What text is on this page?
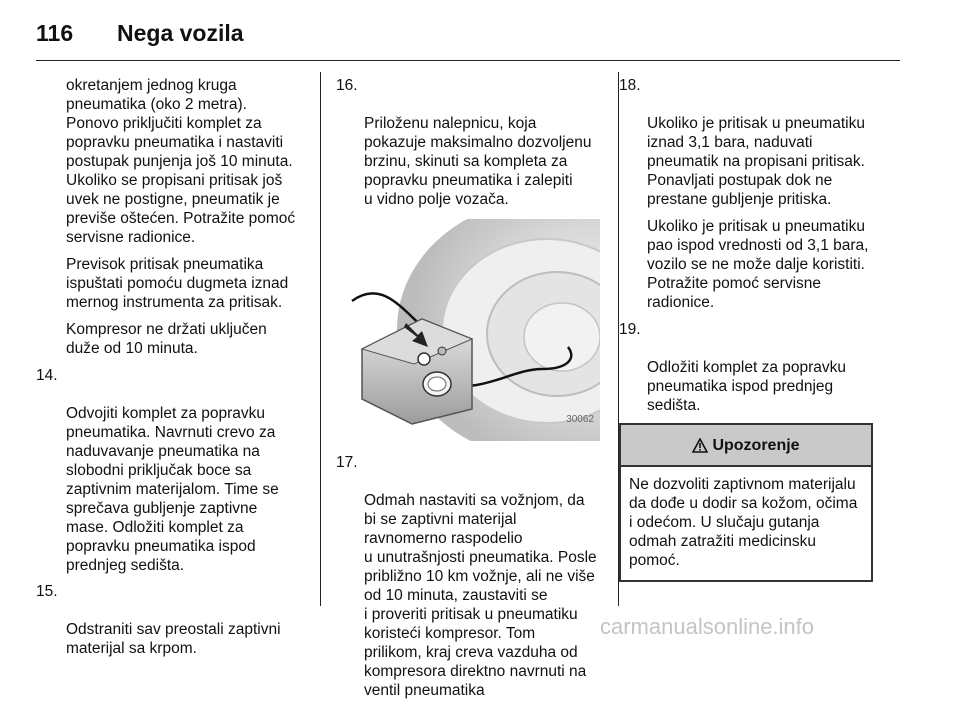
116 Nega vozila

okretanjem jednog kruga
pneumatika (oko 2 metra).
Ponovo priključiti komplet za
popravku pneumatika i nastaviti
postupak punjenja još 10 minuta.
Ukoliko se propisani pritisak još
uvek ne postigne, pneumatik je
previše oštećen. Potražite pomoć
servisne radionice.

Previsok pritisak pneumatika
ispuštati pomoću dugmeta iznad
mernog instrumenta za pritisak.

Kompresor ne držati uključen
duže od 10 minuta.

14.

Odvojiti komplet za popravku
pneumatika. Navrnuti crevo za
naduvavanje pneumatika na
slobodni priključak boce sa
zaptivnim materijalom. Time se
sprečava gubljenje zaptivne
mase. Odložiti komplet za
popravku pneumatika ispod
prednjeg sedišta.

15.

Odstraniti sav preostali zaptivni
materijal sa krpom.

16.

Priloženu nalepnicu, koja
pokazuje maksimalno dozvoljenu
brzinu, skinuti sa kompleta za
popravku pneumatika i zalepiti
u vidno polje vozača.

30062

17.

Odmah nastaviti sa vožnjom, da
bi se zaptivni materijal
ravnomerno raspodelio
u unutrašnjosti pneumatika. Posle
približno 10 km vožnje, ali ne više
od 10 minuta, zaustaviti se
i proveriti pritisak u pneumatiku
koristeći kompresor. Tom
prilikom, kraj creva vazduha od
kompresora direktno navrnuti na
ventil pneumatika

18.

Ukoliko je pritisak u pneumatiku
iznad 3,1 bara, naduvati
pneumatik na propisani pritisak.
Ponavljati postupak dok ne
prestane gubljenje pritiska.

Ukoliko je pritisak u pneumatiku
pao ispod vrednosti od 3,1 bara,
vozilo se ne može dalje koristiti.
Potražite pomoć servisne
radionice.

19.

Odložiti komplet za popravku
pneumatika ispod prednjeg
sedišta.

Upozorenje
Ne dozvoliti zaptivnom materijalu
da dođe u dodir sa kožom, očima
i odećom. U slučaju gutanja
odmah zatražiti medicinsku
pomoć.
carmanualsonline.info
